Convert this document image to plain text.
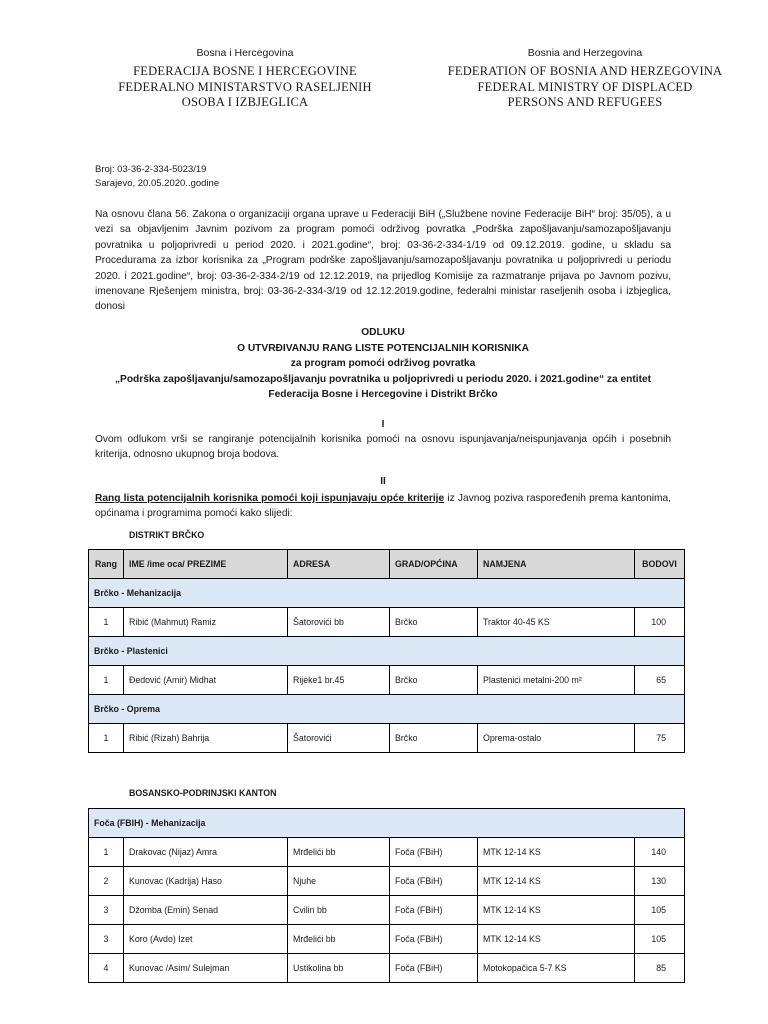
Bosna i Hercegovina
FEDERACIJA BOSNE I HERCEGOVINE
FEDERALNO MINISTARSTVO RASELJENIH
OSOBA I IZBJEGLICA
Bosnia and Herzegovina
FEDERATION OF BOSNIA AND HERZEGOVINA
FEDERAL MINISTRY OF DISPLACED
PERSONS AND REFUGEES
Broj: 03-36-2-334-5023/19
Sarajevo, 20.05.2020..godine
Na osnovu člana 56. Zakona o organizaciji organa uprave u Federaciji BiH („Službene novine Federacije BiH“ broj: 35/05), a u vezi sa objavljenim Javnim pozivom za program pomoći održivog povratka „Podrška zapošljavanju/samozapošljavanju povratnika u poljoprivredi u period 2020. i 2021.godine“, broj: 03-36-2-334-1/19 od 09.12.2019. godine, u skladu sa Procedurama za izbor korisnika za „Program podrške zapošljavanju/samozapošljavanju povratnika u poljoprivredi u periodu 2020. i 2021.godine“, broj: 03-36-2-334-2/19 od 12.12.2019, na prijedlog Komisije za razmatranje prijava po Javnom pozivu, imenovane Rješenjem ministra, broj: 03-36-2-334-3/19 od 12.12.2019.godine, federalni ministar raseljenih osoba i izbjeglica, donosi
ODLUKU
O UTVRĐIVANJU RANG LISTE POTENCIJALNIH KORISNIKA
za program pomoći održivog povratka
„Podrška zapošljavanju/samozapošljavanju povratnika u poljoprivredi u periodu 2020. i 2021.godine“ za entitet
Federacija Bosne i Hercegovine i Distrikt Brčko
I
Ovom odlukom vrši se rangiranje potencijalnih korisnika pomoći na osnovu ispunjavanja/neispunjavanja općih i posebnih kriterija, odnosno ukupnog broja bodova.
II
Rang lista potencijalnih korisnika pomoći koji ispunjavaju opće kriterije iz Javnog poziva raspoređenih prema kantonima, općinama i programima pomoći kako slijedi:
DISTRIKT BRČKO
Rang	IME /ime oca/ PREZIME	ADRESA	GRAD/OPĆINA	NAMJENA	BODOVI
Brčko - Mehanizacija					
1	Ribić (Mahmut) Ramiz	Šatorovići bb	Brčko	Traktor 40-45 KS	100
Brčko - Plastenici					
1	Đedović (Amir) Midhat	Rijeke1 br.45	Brčko	Plastenici metalni-200 m²	65
Brčko - Oprema					
1	Ribić (Rizah) Bahrija	Šatorovići	Brčko	Oprema-ostalo	75
BOSANSKO-PODRINJSKI KANTON
Foča (FBIH) - Mehanizacija					
1	Drakovac (Nijaz) Amra	Mrđelići bb	Foča (FBiH)	MTK 12-14 KS	140
2	Kunovac (Kadrija) Haso	Njuhe	Foča (FBiH)	MTK 12-14 KS	130
3	Džomba (Emin) Senad	Cvilin bb	Foča (FBiH)	MTK 12-14 KS	105
3	Koro (Avdo) Izet	Mrđelići bb	Foča (FBiH)	MTK 12-14 KS	105
4	Kunovac /Asim/ Sulejman	Ustikolina bb	Foča (FBiH)	Motokopačica 5-7 KS	85
